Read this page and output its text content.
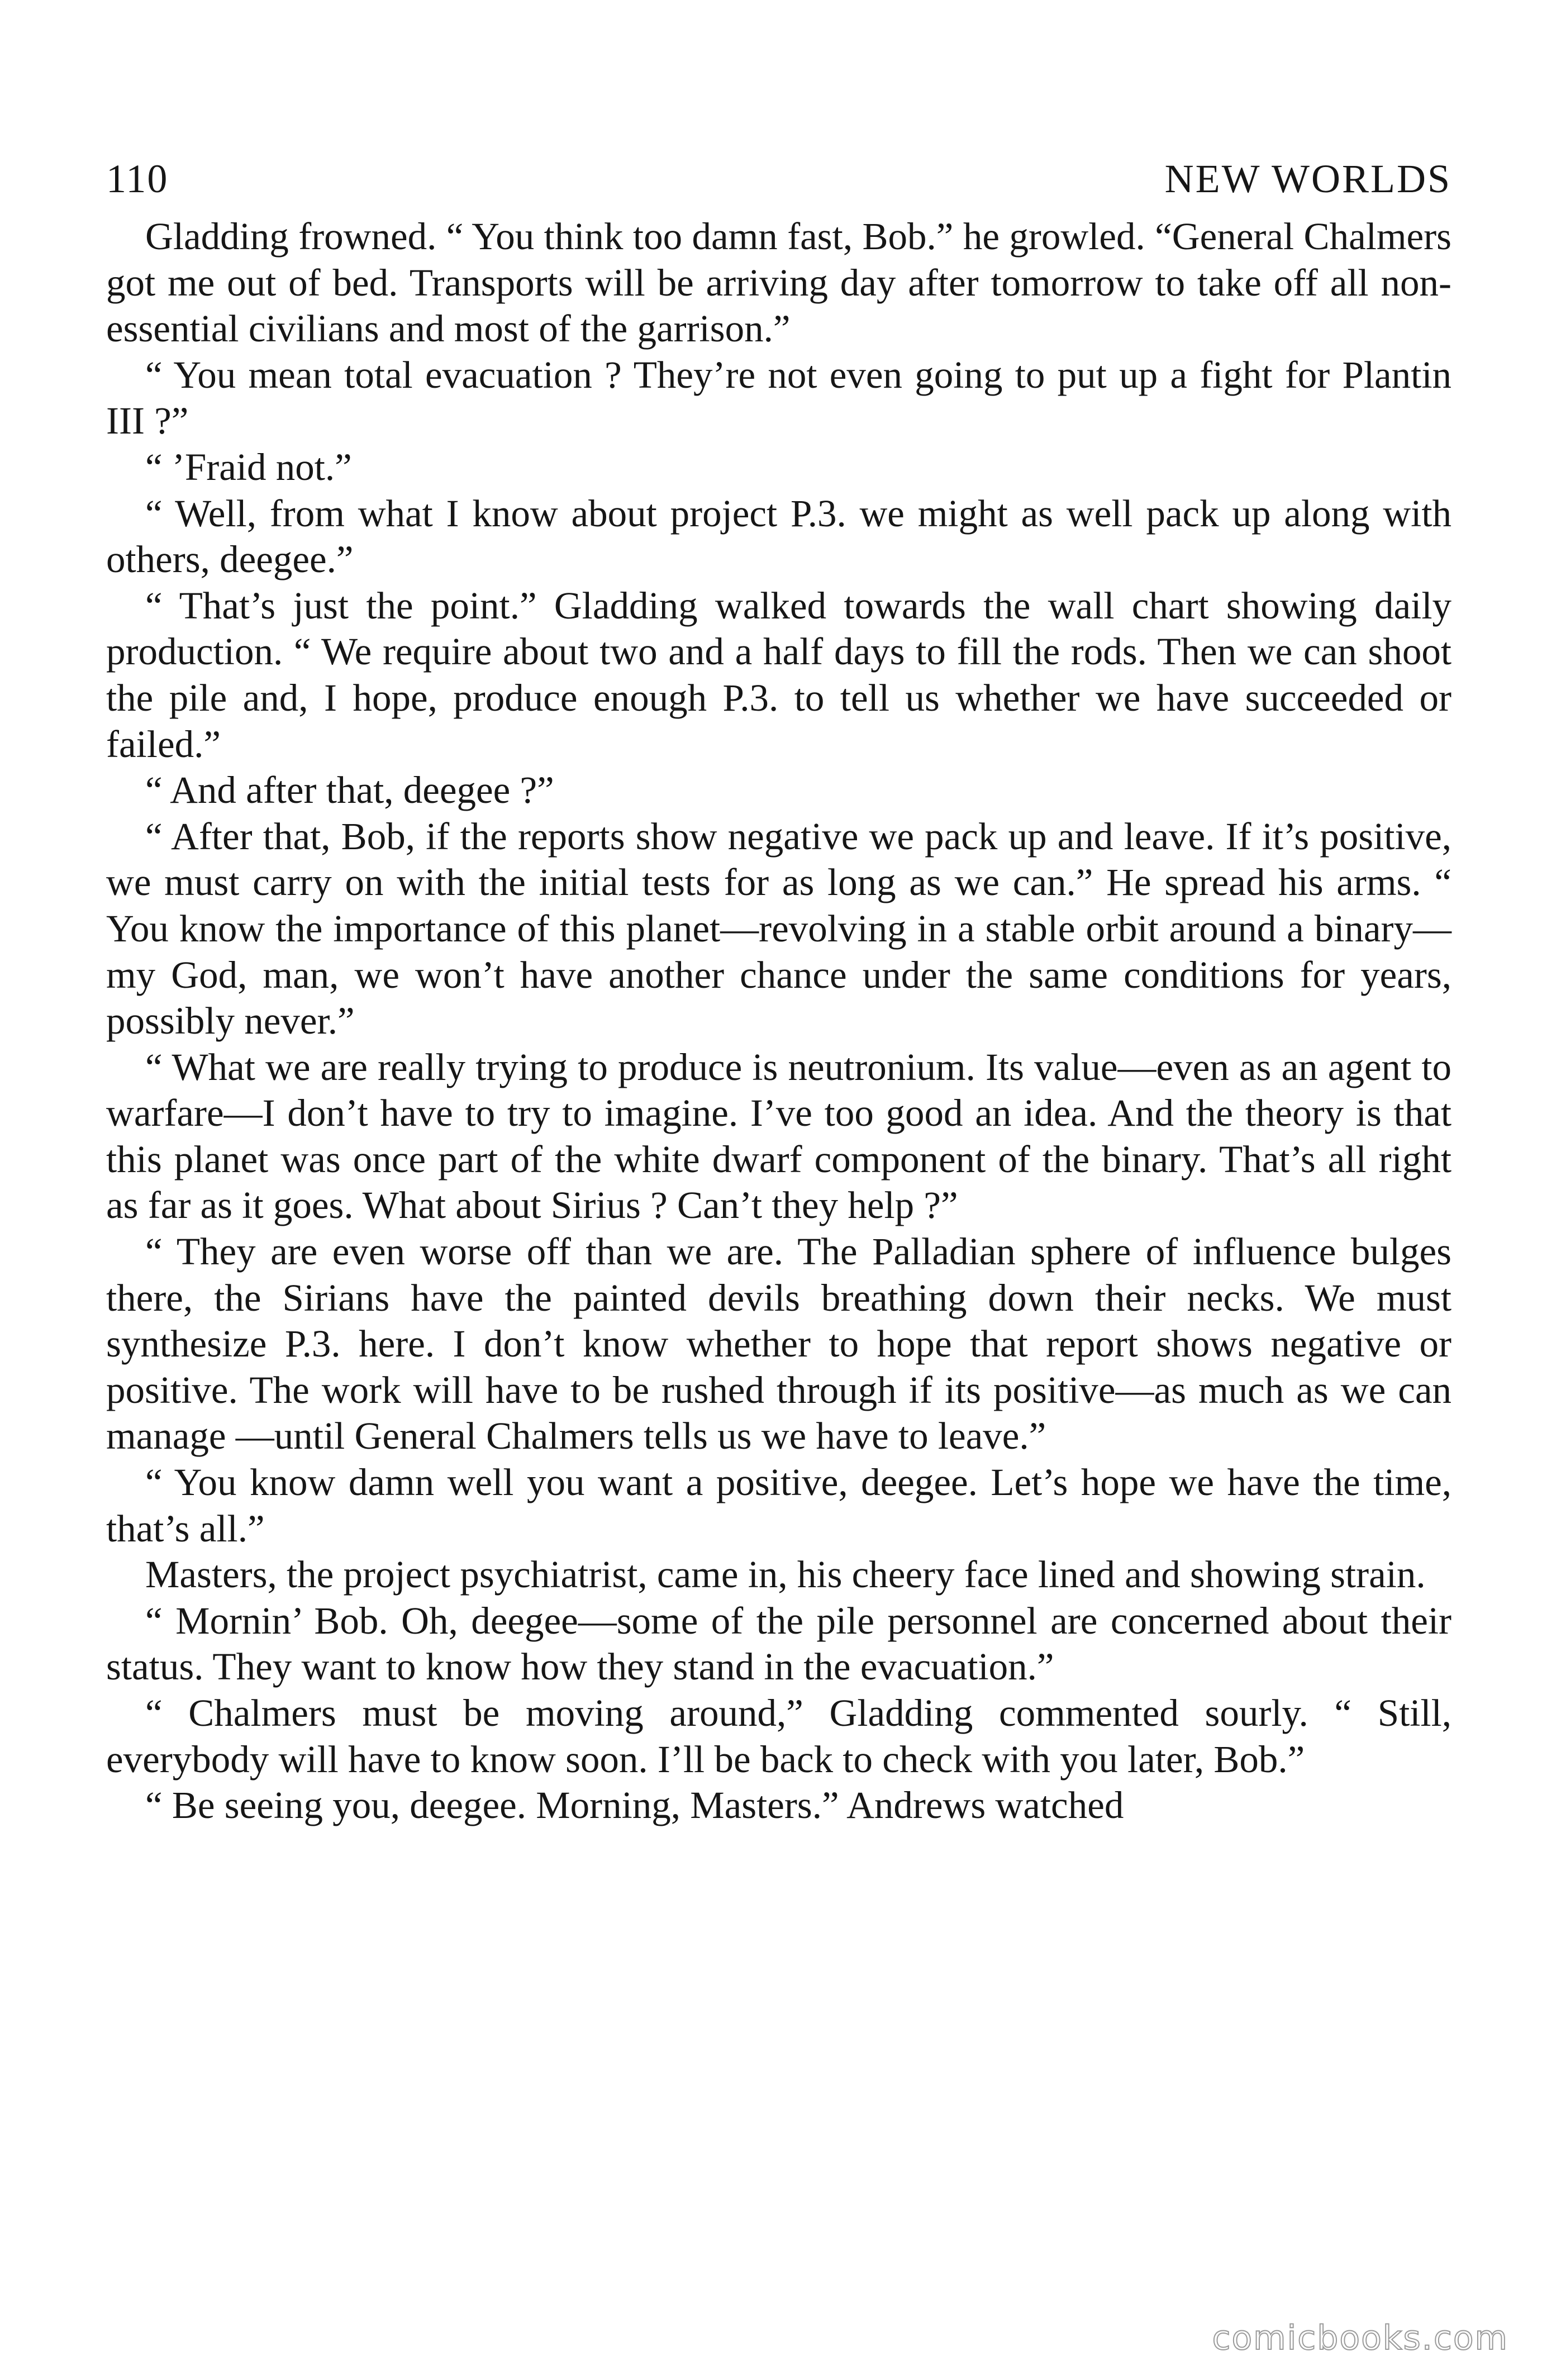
110	NEW WORLDS

Gladding frowned. “ You think too damn fast, Bob.” he growled. “General Chalmers got me out of bed. Transports will be arriving day after tomorrow to take off all non-essential civilians and most of the garrison.”

“ You mean total evacuation ? They’re not even going to put up a fight for Plantin III ?”

“ ’Fraid not.”

“ Well, from what I know about project P.3. we might as well pack up along with others, deegee.”

“ That’s just the point.” Gladding walked towards the wall chart showing daily production. “ We require about two and a half days to fill the rods. Then we can shoot the pile and, I hope, produce enough P.3. to tell us whether we have succeeded or failed.”

“ And after that, deegee ?”

“ After that, Bob, if the reports show negative we pack up and leave. If it’s positive, we must carry on with the initial tests for as long as we can.” He spread his arms. “ You know the importance of this planet—revolving in a stable orbit around a binary—my God, man, we won’t have another chance under the same conditions for years, possibly never.”

“ What we are really trying to produce is neutronium. Its value—even as an agent to warfare—I don’t have to try to imagine. I’ve too good an idea. And the theory is that this planet was once part of the white dwarf component of the binary. That’s all right as far as it goes. What about Sirius ? Can’t they help ?”

“ They are even worse off than we are. The Palladian sphere of influence bulges there, the Sirians have the painted devils breathing down their necks. We must synthesize P.3. here. I don’t know whether to hope that report shows negative or positive. The work will have to be rushed through if its positive—as much as we can manage —until General Chalmers tells us we have to leave.”

“ You know damn well you want a positive, deegee. Let’s hope we have the time, that’s all.”

Masters, the project psychiatrist, came in, his cheery face lined and showing strain.

“ Mornin’ Bob. Oh, deegee—some of the pile personnel are concerned about their status. They want to know how they stand in the evacuation.”

“ Chalmers must be moving around,” Gladding commented sourly. “ Still, everybody will have to know soon. I’ll be back to check with you later, Bob.”

“ Be seeing you, deegee. Morning, Masters.” Andrews watched

comicbooks.com
